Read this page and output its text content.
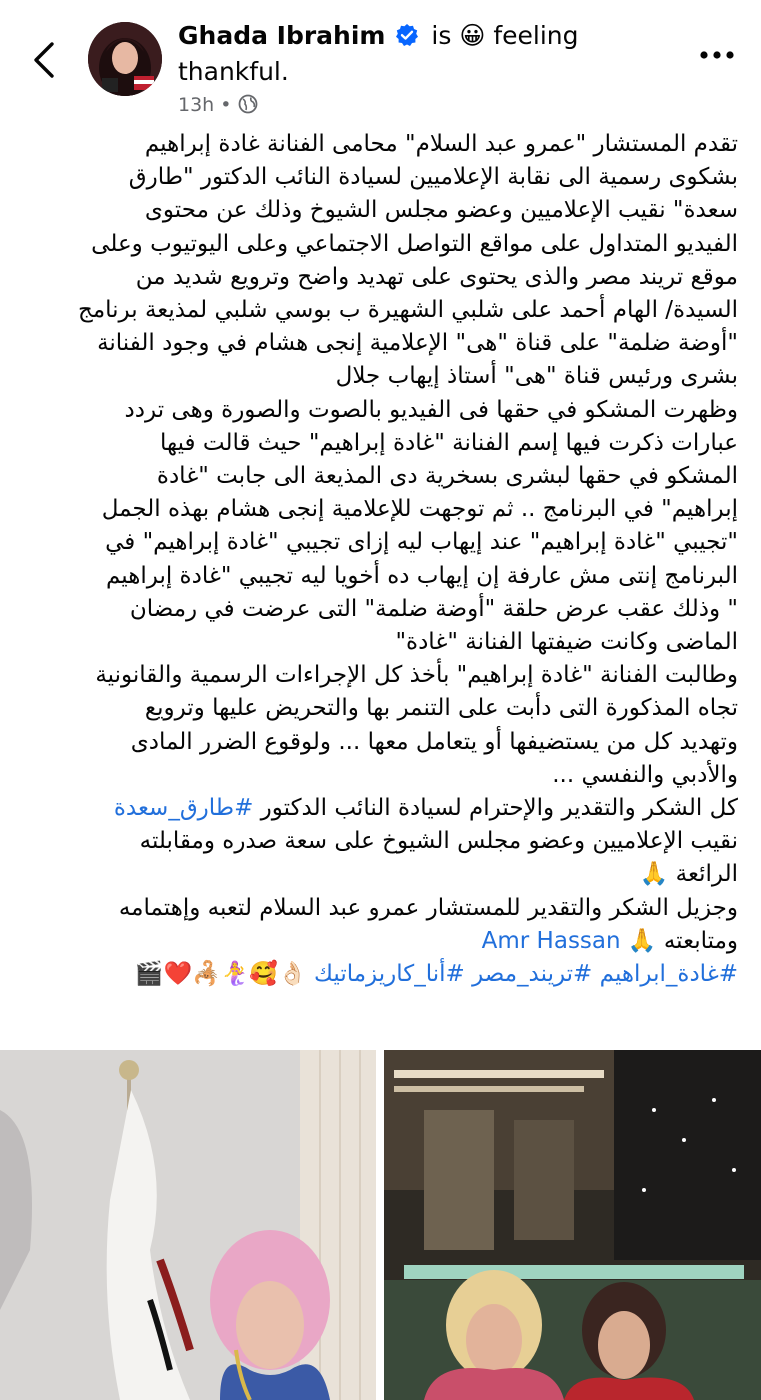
Ghada Ibrahim is 😀 feeling
thankful.
13h •

تقدم المستشار "عمرو عبد السلام" محامى الفنانة غادة إبراهيم

بشكوى رسمية الى نقابة الإعلاميين لسيادة النائب الدكتور "طارق

سعدة" نقيب الإعلاميين وعضو مجلس الشيوخ وذلك عن محتوى

الفيديو المتداول على مواقع التواصل الاجتماعي وعلى اليوتيوب وعلى

موقع تريند مصر والذى يحتوى على تهديد واضح وترويع شديد من

السيدة/ الهام أحمد على شلبي الشهيرة ب بوسي شلبي لمذيعة برنامج

"أوضة ضلمة" على قناة "هى" الإعلامية إنجى هشام في وجود الفنانة

بشرى ورئيس قناة "هى" أستاذ إيهاب جلال

وظهرت المشكو في حقها فى الفيديو بالصوت والصورة وهى تردد

عبارات ذكرت فيها إسم الفنانة "غادة إبراهيم" حيث قالت فيها

المشكو في حقها لبشرى بسخرية دى المذيعة الى جابت "غادة

إبراهيم" في البرنامج .. ثم توجهت للإعلامية إنجى هشام بهذه الجمل

"تجيبي "غادة إبراهيم" عند إيهاب ليه إزاى تجيبي "غادة إبراهيم" في

البرنامج إنتى مش عارفة إن إيهاب ده أخويا ليه تجيبي "غادة إبراهيم

" وذلك عقب عرض حلقة "أوضة ضلمة" التى عرضت في رمضان

الماضى وكانت ضيفتها الفنانة "غادة"

وطالبت الفنانة "غادة إبراهيم" بأخذ كل الإجراءات الرسمية والقانونية

تجاه المذكورة التى دأبت على التنمر بها والتحريض عليها وترويع

وتهديد كل من يستضيفها أو يتعامل معها ... ولوقوع الضرر المادى

والأدبي والنفسي ...

كل الشكر والتقدير والإحترام لسيادة النائب الدكتور #طارق_سعدة

نقيب الإعلاميين وعضو مجلس الشيوخ على سعة صدره ومقابلته

الرائعة 🙏

وجزيل الشكر والتقدير للمستشار عمرو عبد السلام لتعبه وإهتمامه

ومتابعته 🙏 Amr Hassan

#غادة_ابراهيم #تريند_مصر #أنا_كاريزماتيك 👌🏻🥰🧜‍♀️🦂❤️🎬
